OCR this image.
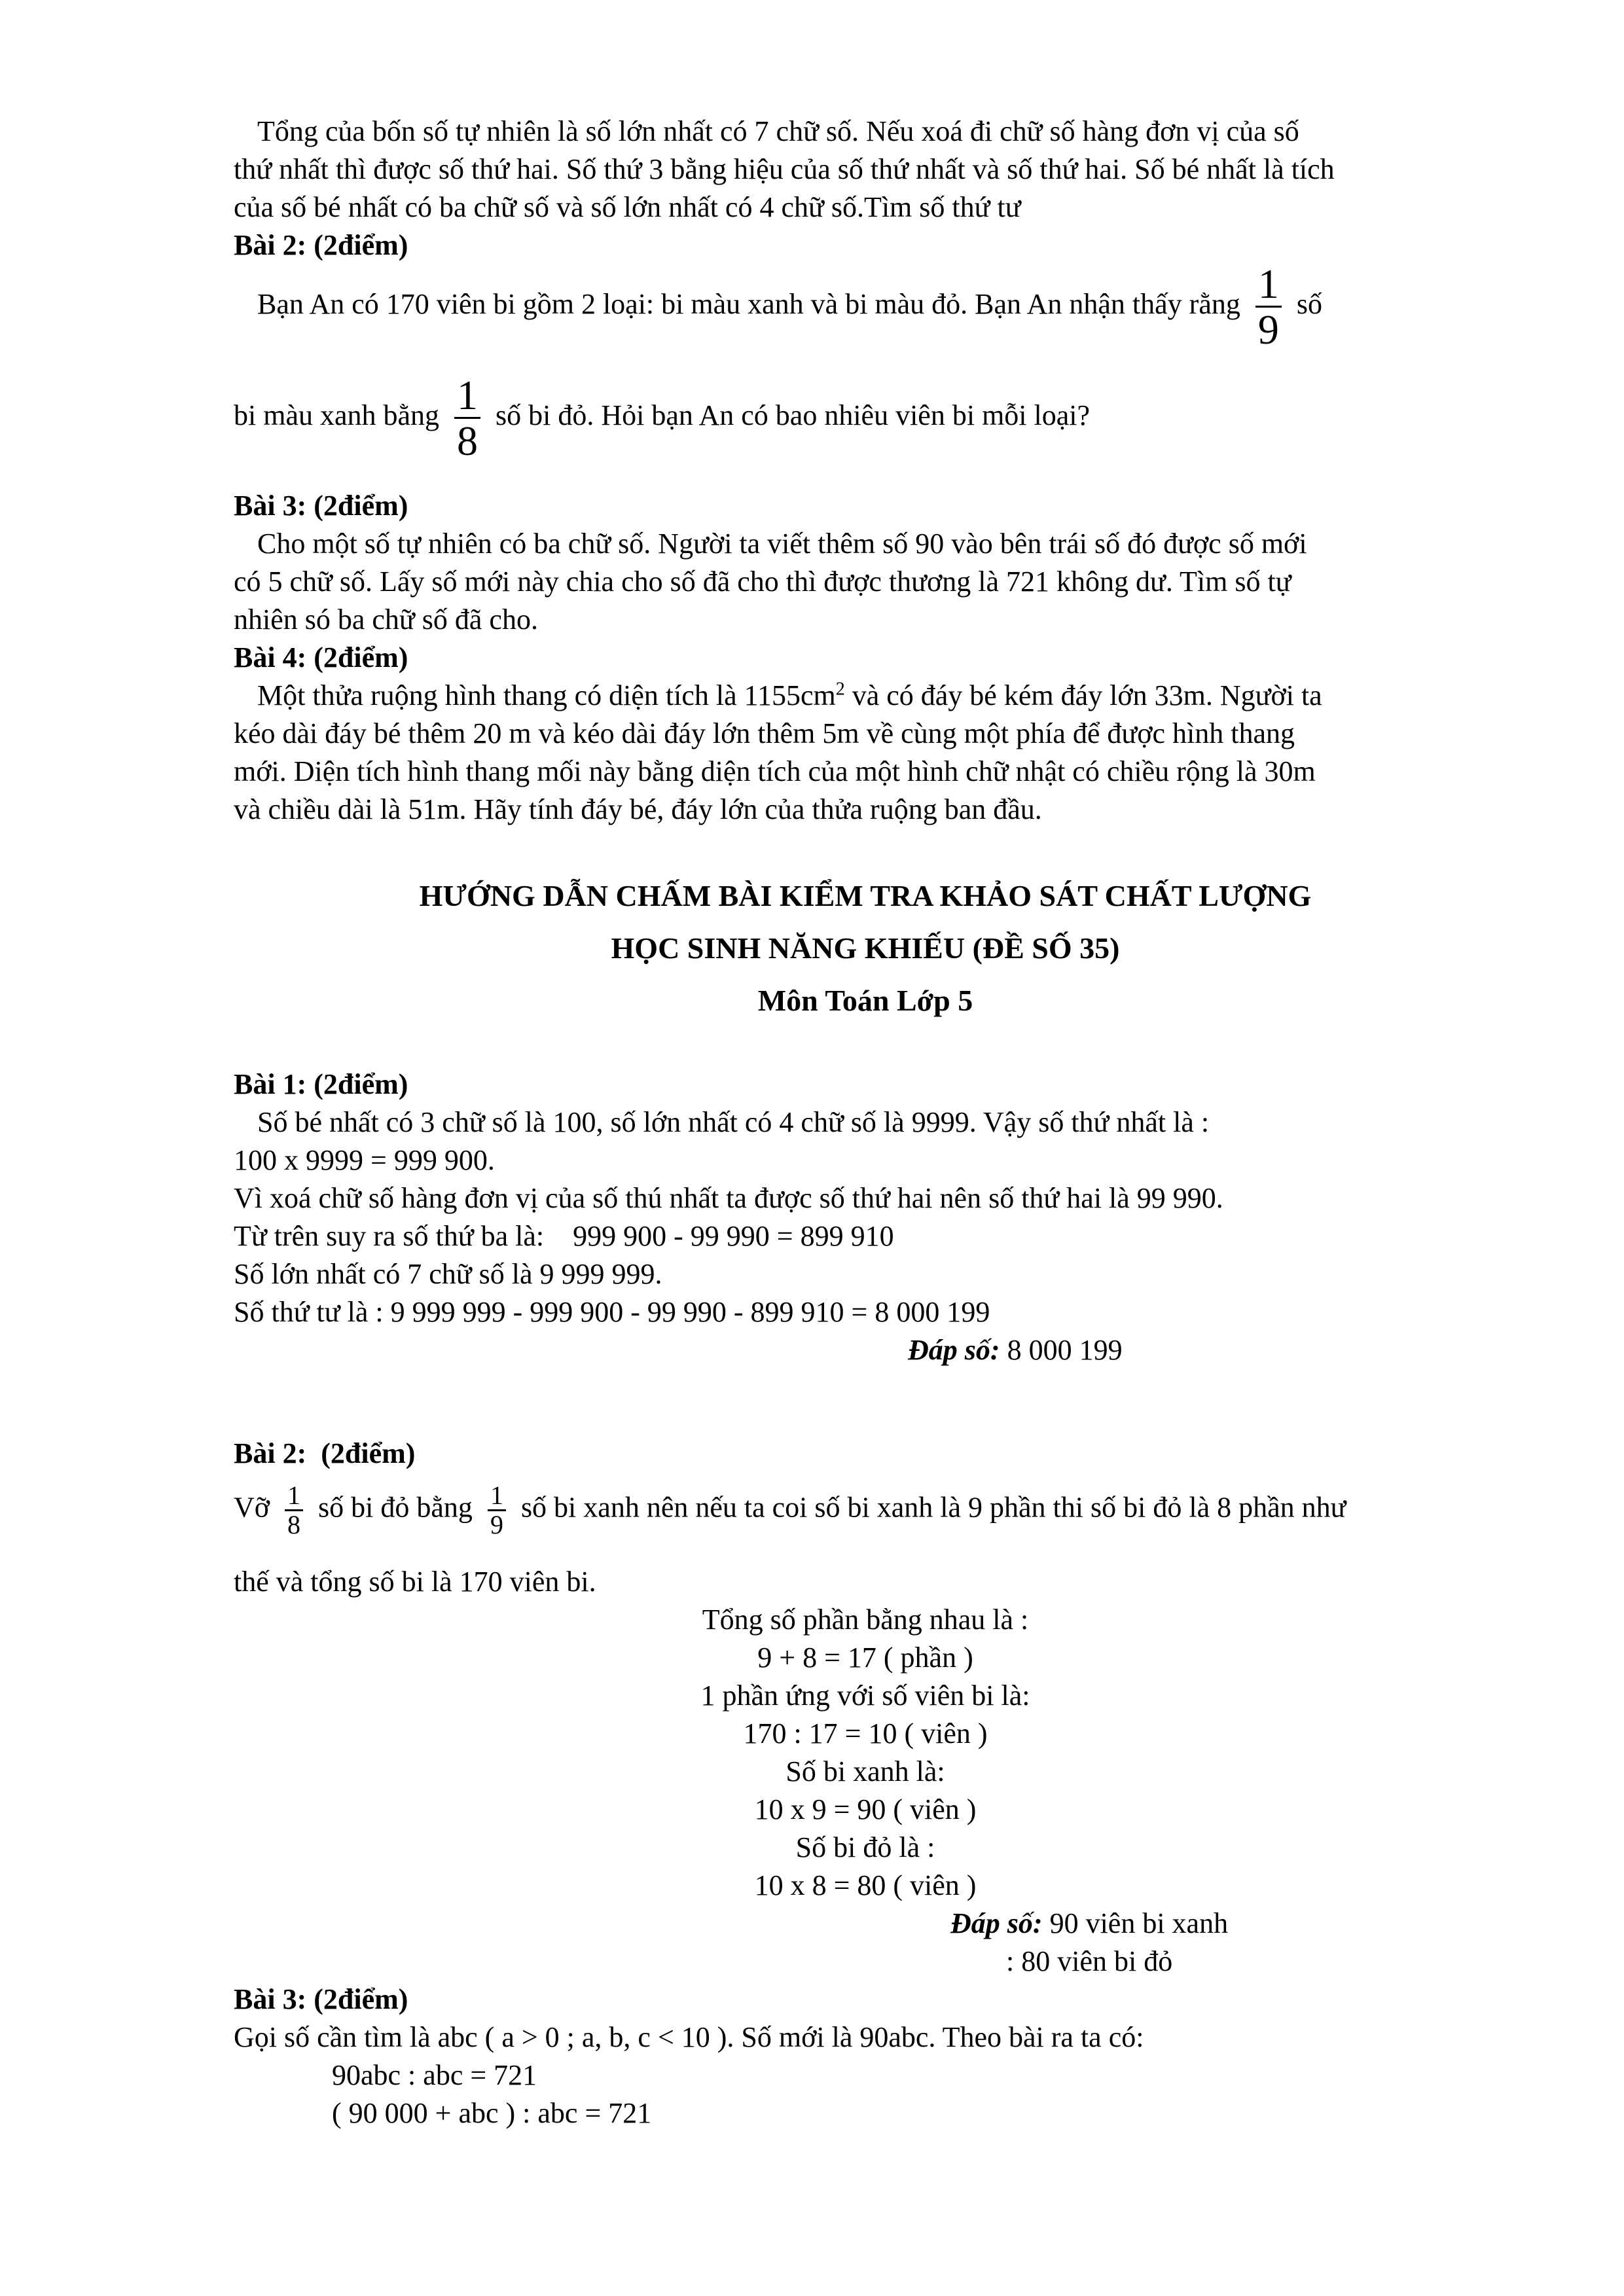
Tổng của bốn số tự nhiên là số lớn nhất có 7 chữ số. Nếu xoá đi chữ số hàng đơn vị của số

thứ nhất thì được số thứ hai. Số thứ 3 bằng hiệu của số thứ nhất và số thứ hai. Số bé nhất là tích

của số bé nhất có ba chữ số và số lớn nhất có 4 chữ số.Tìm số thứ tư

Bài 2: (2điểm)

Bạn An có 170 viên bi gồm 2 loại: bi màu xanh và bi màu đỏ. Bạn An nhận thấy rằng $\frac{1}{9}$ số

bi màu xanh bằng $\frac{1}{8}$ số bi đỏ. Hỏi bạn An có bao nhiêu viên bi mỗi loại?

Bài 3: (2điểm)

Cho một số tự nhiên có ba chữ số. Người ta viết thêm số 90 vào bên trái số đó được số mới

có 5 chữ số. Lấy số mới này chia cho số đã cho thì được thương là 721 không dư. Tìm số tự

nhiên só ba chữ số đã cho.

Bài 4: (2điểm)

Một thửa ruộng hình thang có diện tích là $1155cm^2$ và có đáy bé kém đáy lớn 33m. Người ta

kéo dài đáy bé thêm 20 m và kéo dài đáy lớn thêm 5m về cùng một phía để được hình thang

mới. Diện tích hình thang mối này bằng diện tích của một hình chữ nhật có chiều rộng là 30m

và chiều dài là 51m. Hãy tính đáy bé, đáy lớn của thửa ruộng ban đầu.

HƯỚNG DẪN CHẤM BÀI KIỂM TRA KHẢO SÁT CHẤT LƯỢNG

HỌC SINH NĂNG KHIẾU (ĐỀ SỐ 35)

Môn Toán Lớp 5

Bài 1: (2điểm)

Số bé nhất có 3 chữ số là 100, số lớn nhất có 4 chữ số là 9999. Vậy số thứ nhất là :

100 x 9999 = 999 900.

Vì xoá chữ số hàng đơn vị của số thú nhất ta được số thứ hai nên số thứ hai là 99 990.

Từ trên suy ra số thứ ba là:    999 900 - 99 990 = 899 910

Số lớn nhất có 7 chữ số là 9 999 999.

Số thứ tư là : 9 999 999 - 999 900 - 99 990 - 899 910 = 8 000 199

Đáp số: 8 000 199

Bài 2:  (2điểm)

Vỡ $\frac{1}{8}$ số bi đỏ bằng $\frac{1}{9}$ số bi xanh nên nếu ta coi số bi xanh là 9 phần thi số bi đỏ là 8 phần như

thế và tổng số bi là 170 viên bi.

Tổng số phần bằng nhau là :

9 + 8 = 17 ( phần )

1 phần ứng với số viên bi là:

170 : 17 = 10 ( viên )

Số bi xanh là:

10 x 9 = 90 ( viên )

Số bi đỏ là :

10 x 8 = 80 ( viên )

Đáp số: 90 viên bi xanh

: 80 viên bi đỏ

Bài 3: (2điểm)

Gọi số cần tìm là abc ( a > 0 ; a, b, c < 10 ). Số mới là 90abc. Theo bài ra ta có:

90abc : abc = 721

( 90 000 + abc ) : abc = 721
